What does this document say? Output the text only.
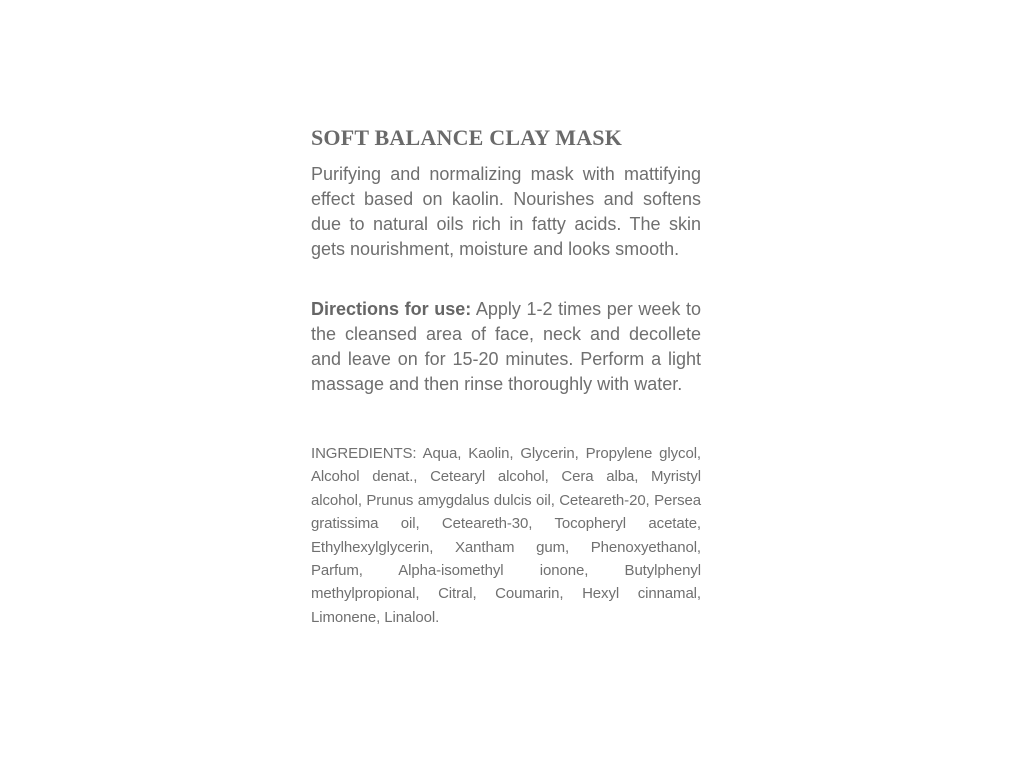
SOFT BALANCE CLAY MASK

Purifying and normalizing mask with mattifying effect based on kaolin. Nourishes and softens due to natural oils rich in fatty acids. The skin gets nourishment, moisture and looks smooth.

Directions for use: Apply 1-2 times per week to the cleansed area of face, neck and decollete and leave on for 15-20 minutes. Perform a light massage and then rinse thoroughly with water.

INGREDIENTS: Aqua, Kaolin, Glycerin, Propylene glycol, Alcohol denat., Cetearyl alcohol, Cera alba, Myristyl alcohol, Prunus amygdalus dulcis oil, Ceteareth-20, Persea gratissima oil, Ceteareth-30, Tocopheryl acetate, Ethylhexylglycerin, Xantham gum, Phenoxyethanol, Parfum, Alpha-isomethyl ionone, Butylphenyl methylpropional, Citral, Coumarin, Hexyl cinnamal, Limonene, Linalool.
